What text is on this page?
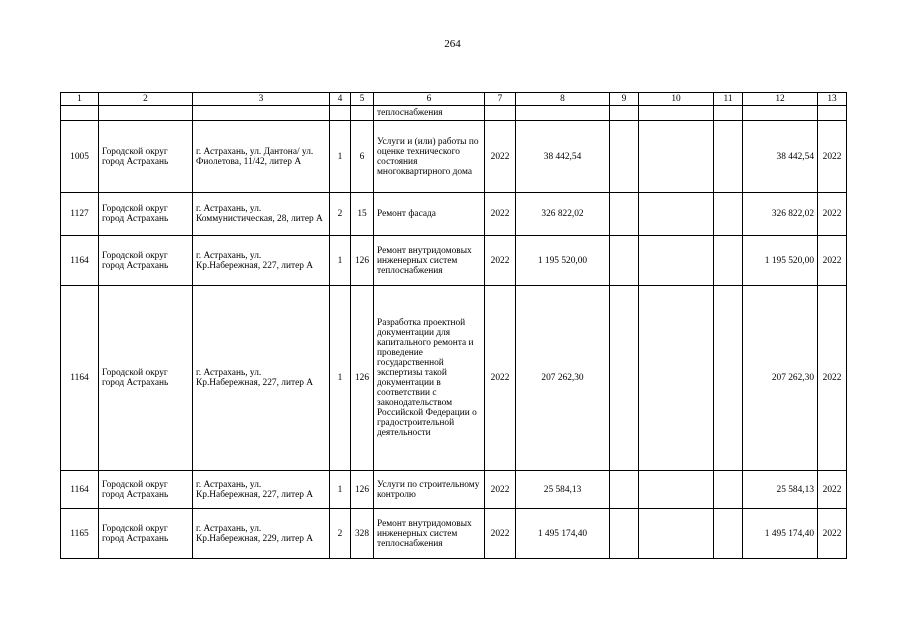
264
1	2	3	4	5	6	7	8	9	10	11	12	13
					теплоснабжения							
1005	Городской округ город Астрахань	г. Астрахань, ул. Дантона/ ул. Фиолетова, 11/42, литер А	1	6	Услуги и (или) работы по оценке технического состояния многоквартирного дома	2022	38 442,54				38 442,54	2022
1127	Городской округ город Астрахань	г. Астрахань, ул. Коммунистическая, 28, литер А	2	15	Ремонт фасада	2022	326 822,02				326 822,02	2022
1164	Городской округ город Астрахань	г. Астрахань, ул. Кр.Набережная, 227, литер А	1	126	Ремонт внутридомовых инженерных систем теплоснабжения	2022	1 195 520,00				1 195 520,00	2022
1164	Городской округ город Астрахань	г. Астрахань, ул. Кр.Набережная, 227, литер А	1	126	Разработка проектной документации для капитального ремонта и проведение государственной экспертизы такой документации в соответствии с законодательством Российской Федерации о градостроительной деятельности	2022	207 262,30				207 262,30	2022
1164	Городской округ город Астрахань	г. Астрахань, ул. Кр.Набережная, 227, литер А	1	126	Услуги по строительному контролю	2022	25 584,13				25 584,13	2022
1165	Городской округ город Астрахань	г. Астрахань, ул. Кр.Набережная, 229, литер А	2	328	Ремонт внутридомовых инженерных систем теплоснабжения	2022	1 495 174,40				1 495 174,40	2022
